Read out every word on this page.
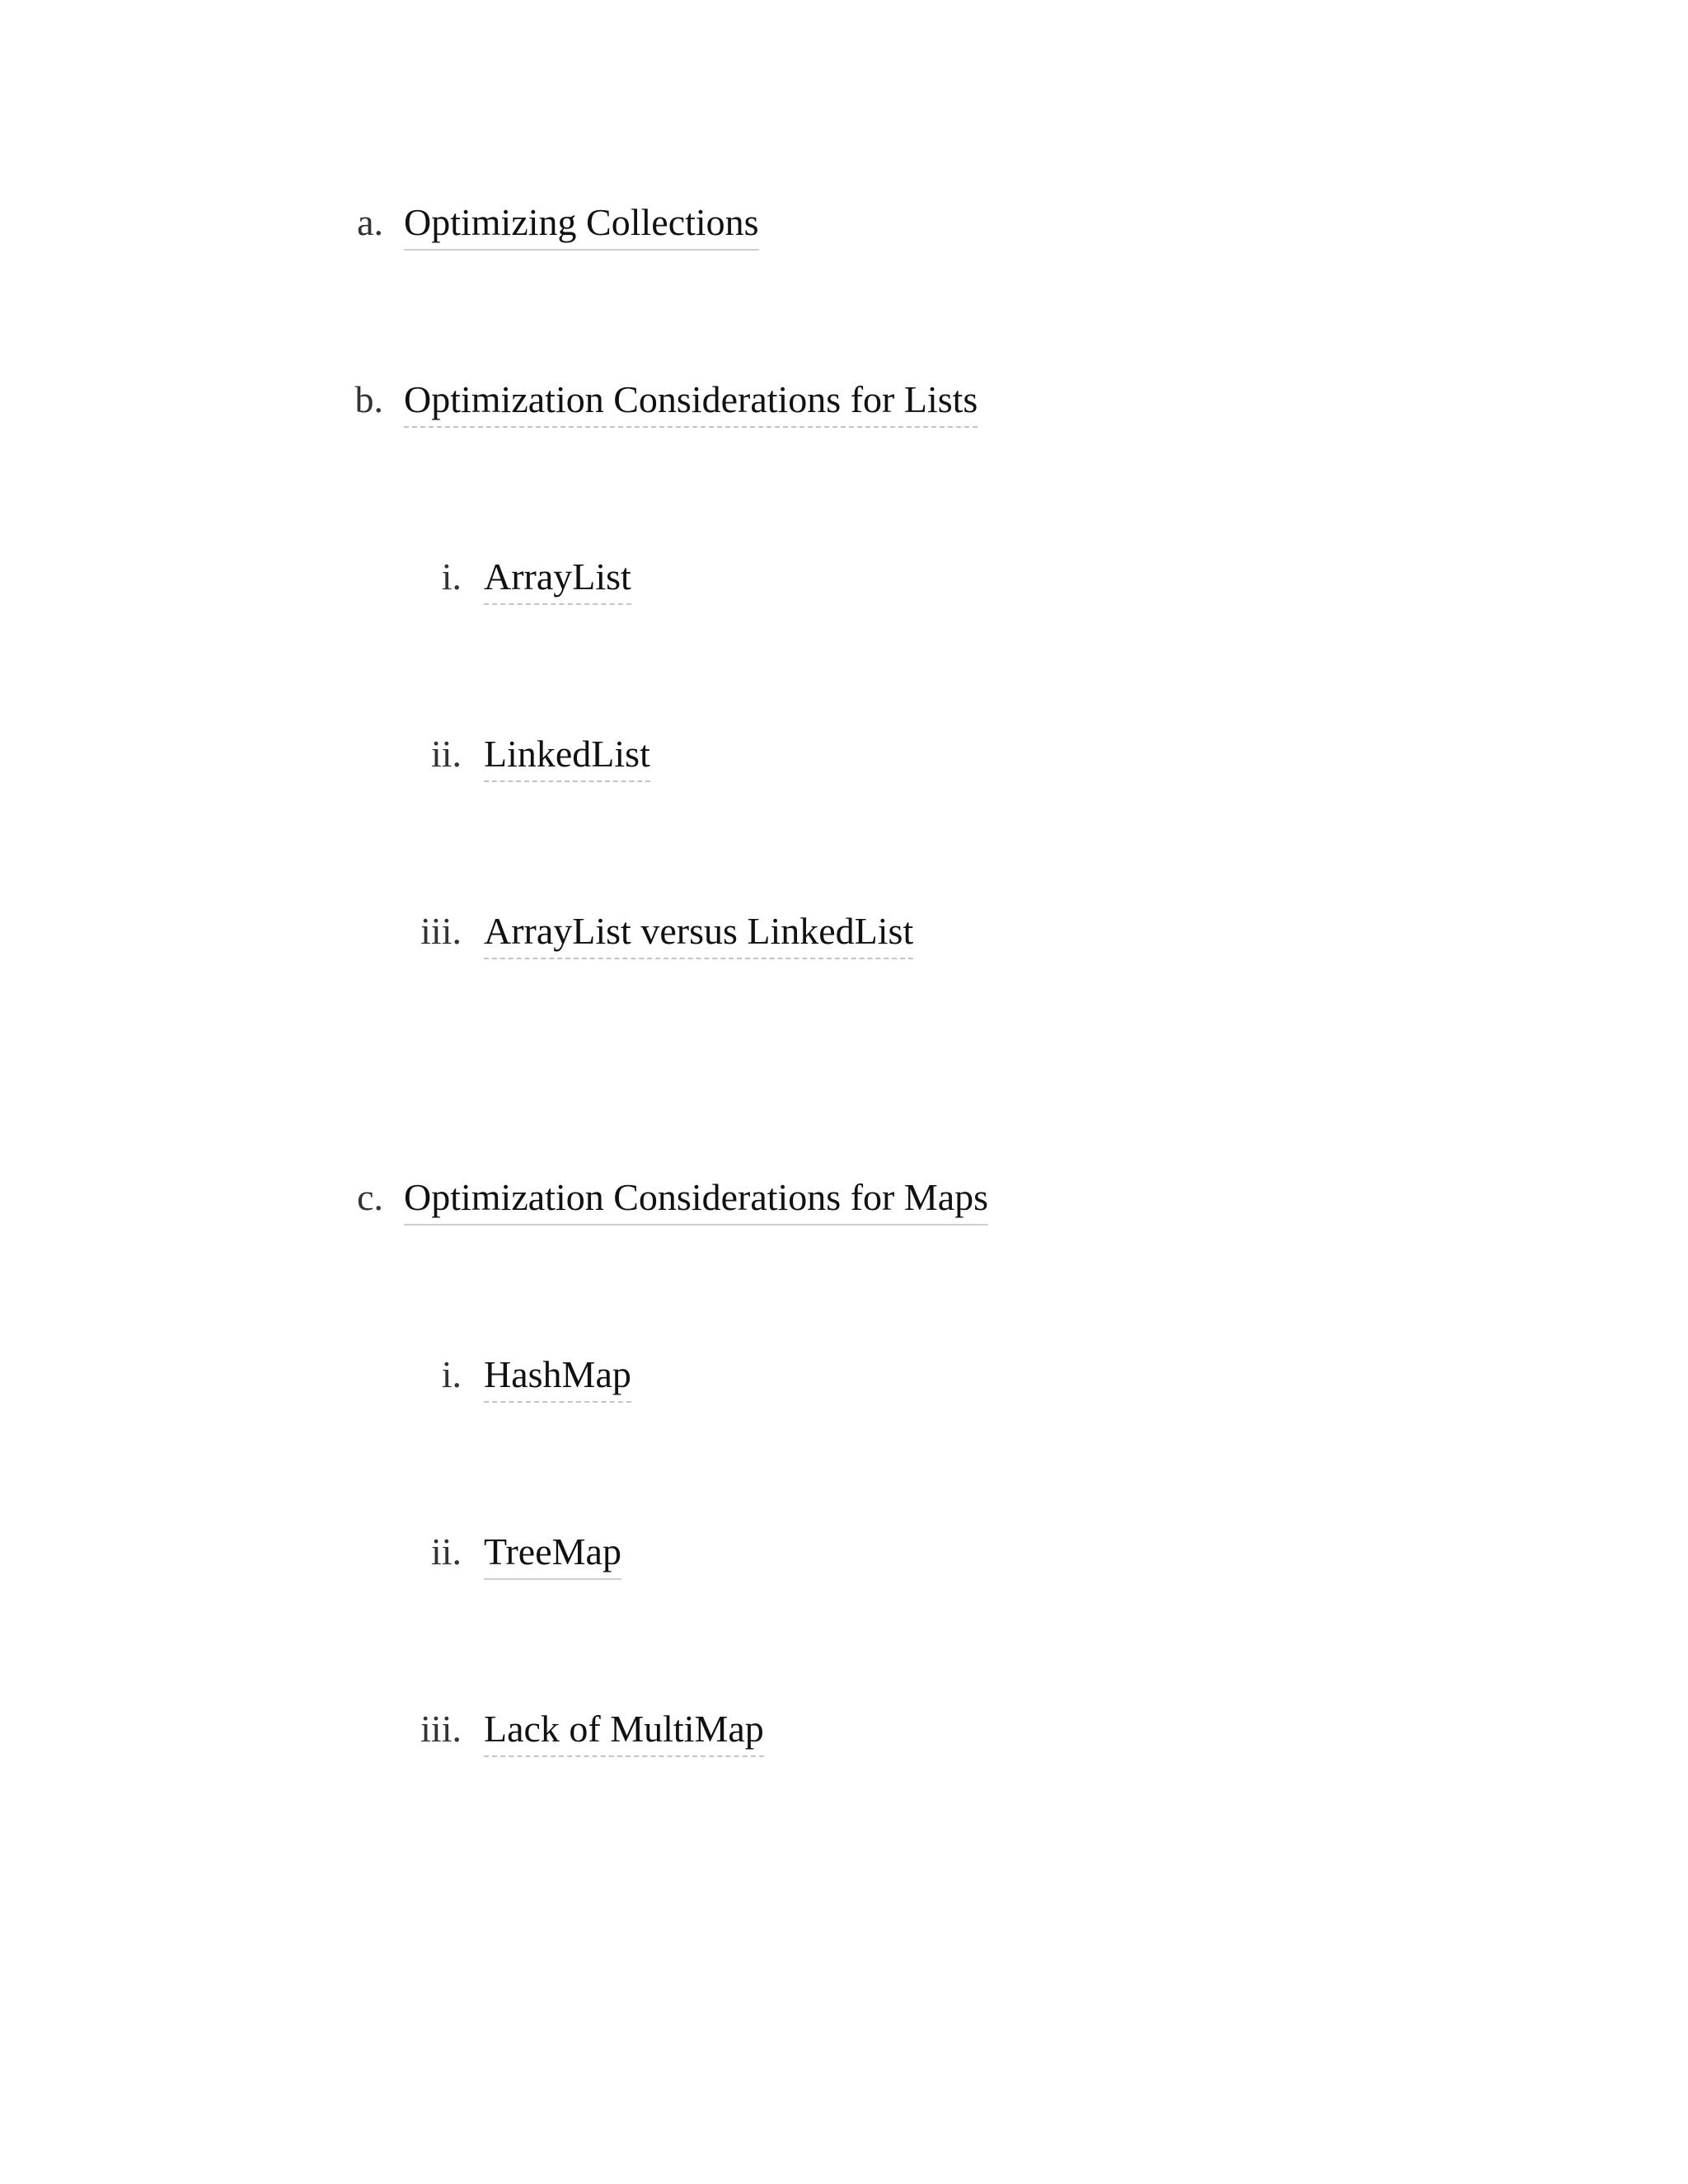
a. Optimizing Collections
b. Optimization Considerations for Lists
i. ArrayList
ii. LinkedList
iii. ArrayList versus LinkedList
c. Optimization Considerations for Maps
i. HashMap
ii. TreeMap
iii. Lack of MultiMap
